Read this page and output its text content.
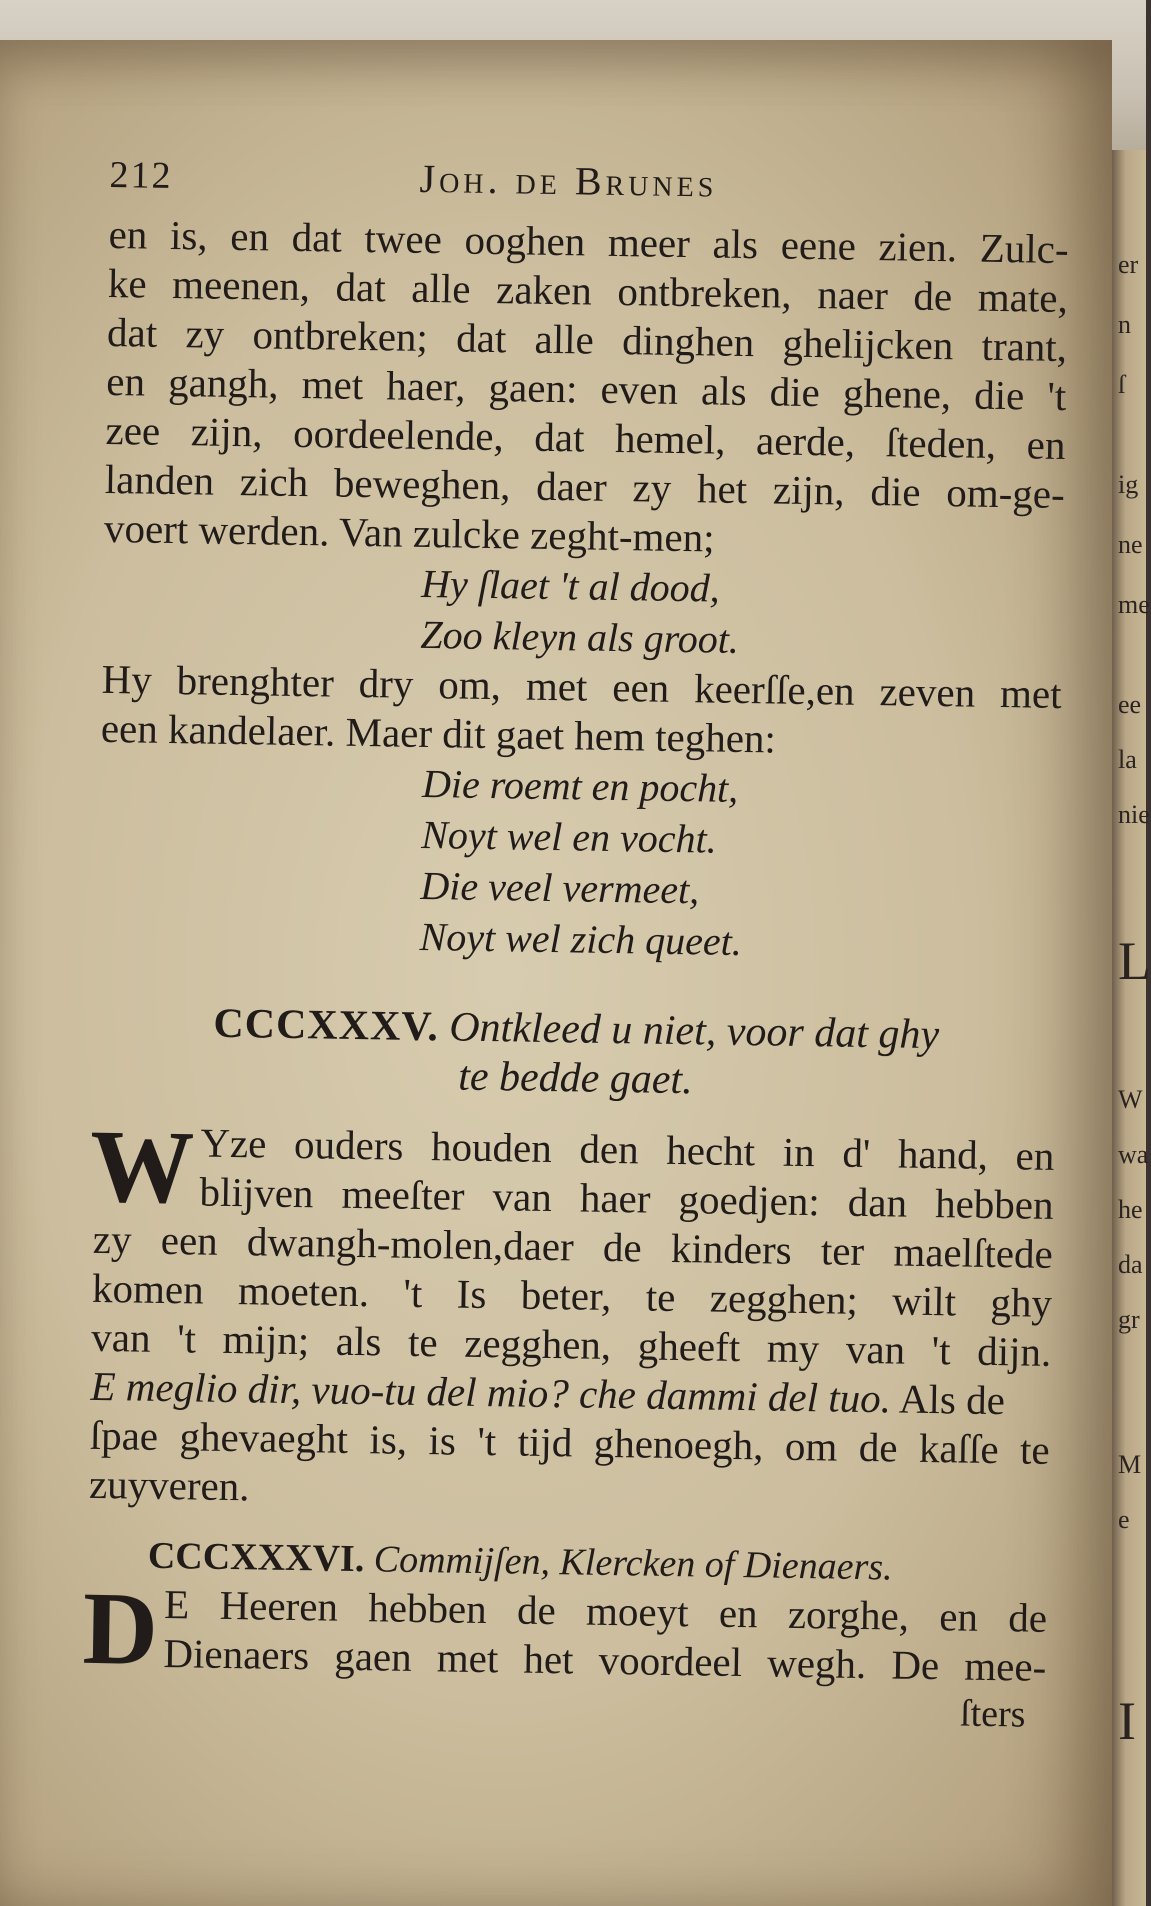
er
n
ſ
ig
ne
me
ee
la
nie
L
W
wa
he
da
gr
M
e
I
212	Joh. de Brunes

en is, en dat twee ooghen meer als eene zien. Zulc-

ke meenen, dat alle zaken ontbreken, naer de mate,

dat zy ontbreken; dat alle dinghen ghelijcken trant,

en gangh, met haer, gaen: even als die ghene, die 't

zee zijn, oordeelende, dat hemel, aerde, ſteden, en

landen zich beweghen, daer zy het zijn, die om-ge-

voert werden. Van zulcke zeght-men;

Hy ſlaet 't al dood,
Zoo kleyn als groot.

Hy brenghter dry om, met een keerſſe,en zeven met

een kandelaer. Maer dit gaet hem teghen:

Die roemt en pocht,
Noyt wel en vocht.
Die veel vermeet,
Noyt wel zich queet.
CCCXXXV. Ontkleed u niet, voor dat ghy
te bedde gaet.
W Yze ouders houden den hecht in d' hand, en

blijven meeſter van haer goedjen: dan hebben

zy een dwangh-molen,daer de kinders ter maelſtede

komen moeten. 't Is beter, te zegghen; wilt ghy

van 't mijn; als te zegghen, gheeft my van 't dijn.

E meglio dir, vuo-tu del mio? che dammi del tuo. Als de

ſpae ghevaeght is, is 't tijd ghenoegh, om de kaſſe te

zuyveren.

CCCXXXVI. Commijſen, Klercken of Dienaers.
D E Heeren hebben de moeyt en zorghe, en de

Dienaers gaen met het voordeel wegh. De mee-

ſters
